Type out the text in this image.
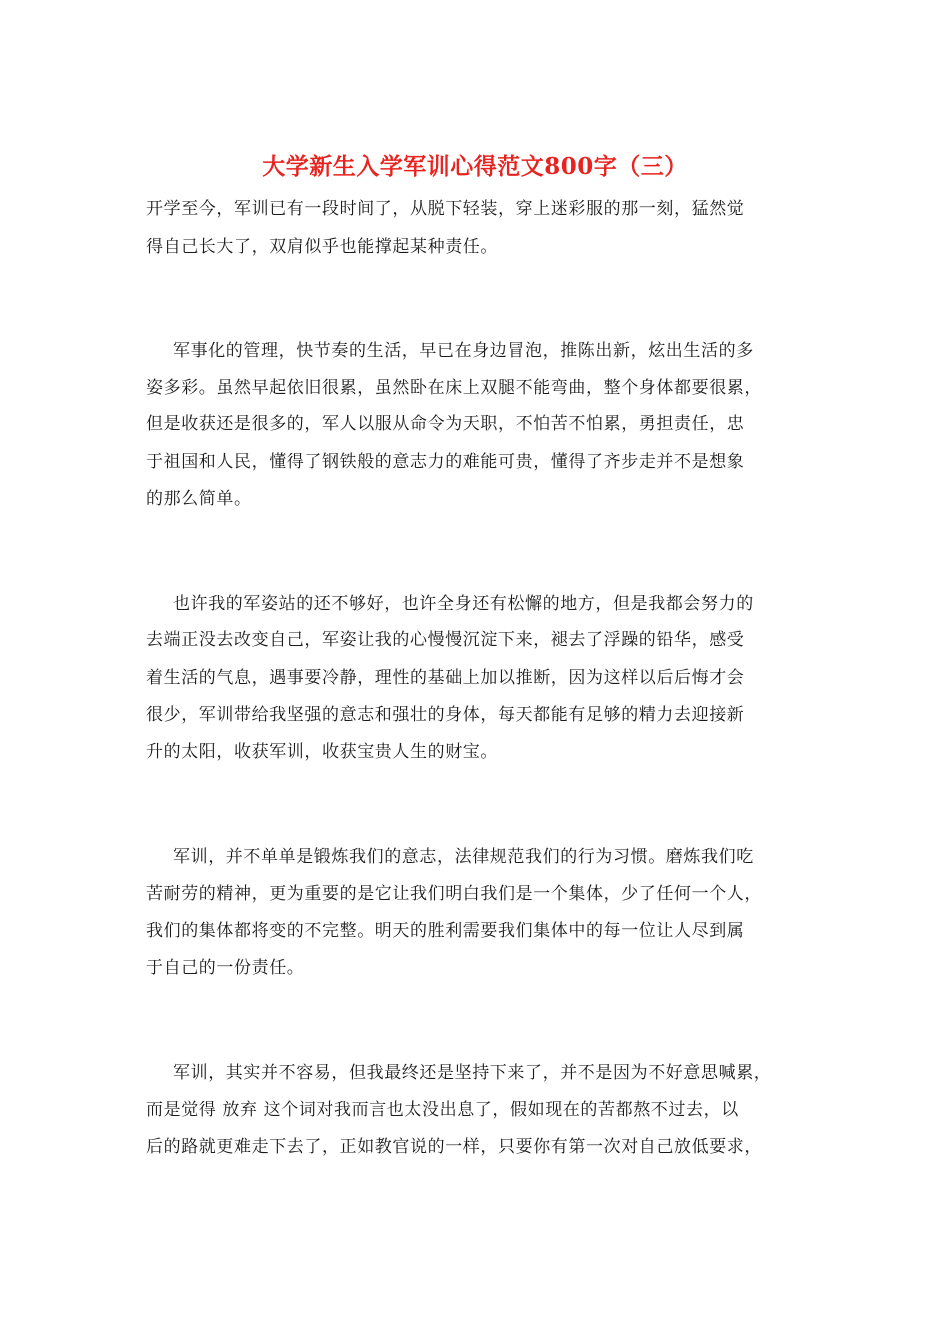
大学新生入学军训心得范文800字（三）
开学至今，军训已有一段时间了，从脱下轻装，穿上迷彩服的那一刻，猛然觉
得自己长大了，双肩似乎也能撑起某种责任。
军事化的管理，快节奏的生活，早已在身边冒泡，推陈出新，炫出生活的多
姿多彩。虽然早起依旧很累，虽然卧在床上双腿不能弯曲，整个身体都要很累，
但是收获还是很多的，军人以服从命令为天职，不怕苦不怕累，勇担责任，忠
于祖国和人民，懂得了钢铁般的意志力的难能可贵，懂得了齐步走并不是想象
的那么简单。
也许我的军姿站的还不够好，也许全身还有松懈的地方，但是我都会努力的
去端正没去改变自己，军姿让我的心慢慢沉淀下来，褪去了浮躁的铅华，感受
着生活的气息，遇事要冷静，理性的基础上加以推断，因为这样以后后悔才会
很少，军训带给我坚强的意志和强壮的身体，每天都能有足够的精力去迎接新
升的太阳，收获军训，收获宝贵人生的财宝。
军训，并不单单是锻炼我们的意志，法律规范我们的行为习惯。磨炼我们吃
苦耐劳的精神，更为重要的是它让我们明白我们是一个集体，少了任何一个人，
我们的集体都将变的不完整。明天的胜利需要我们集体中的每一位让人尽到属
于自己的一份责任。
军训，其实并不容易，但我最终还是坚持下来了，并不是因为不好意思喊累，
而是觉得 放弃 这个词对我而言也太没出息了，假如现在的苦都熬不过去，以
后的路就更难走下去了，正如教官说的一样，只要你有第一次对自己放低要求，
